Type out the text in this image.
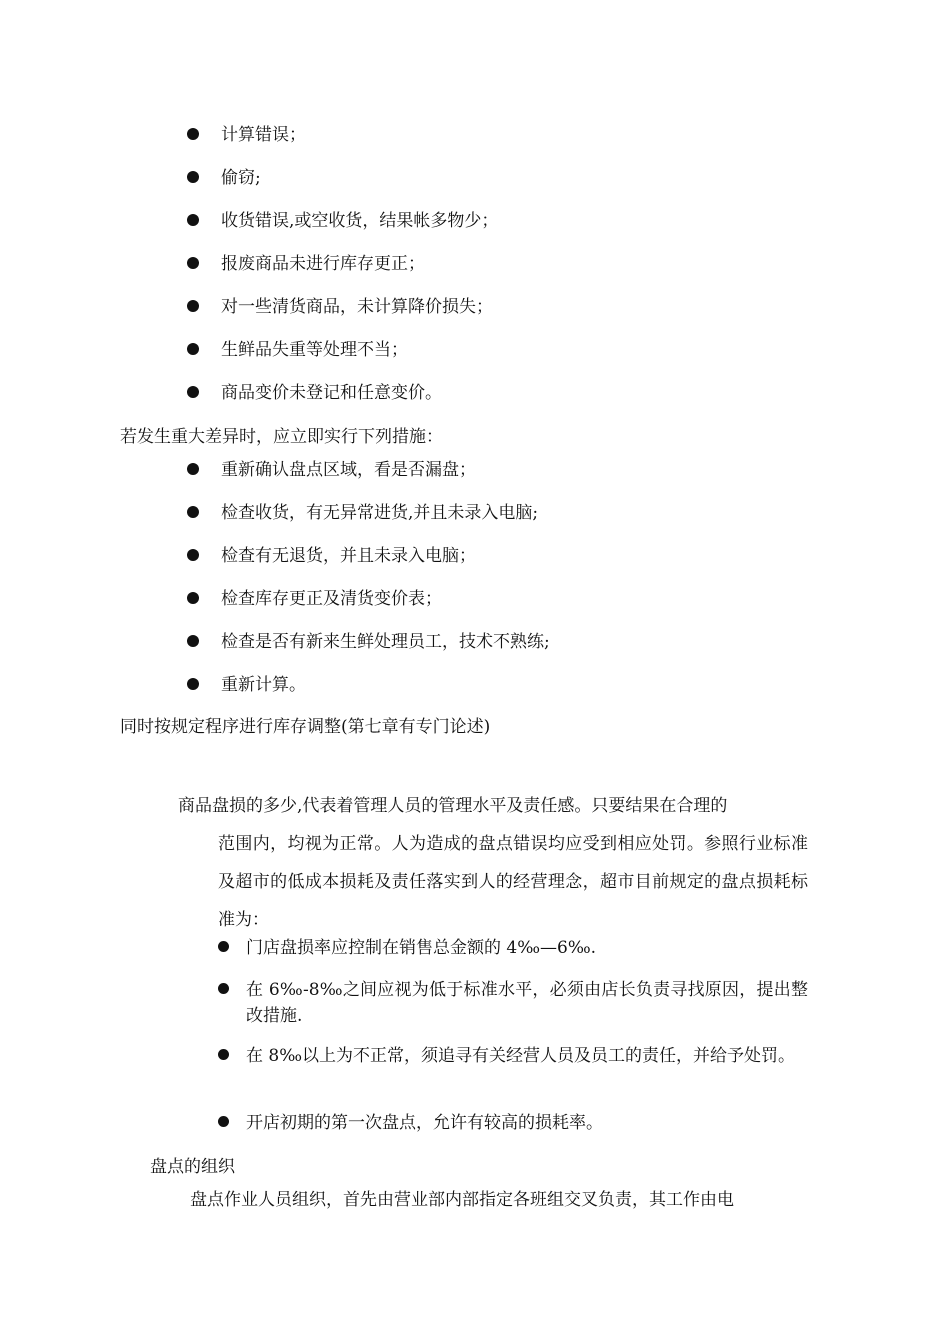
计算错误；
偷窃;
收货错误,或空收货，结果帐多物少；
报废商品未进行库存更正；
对一些清货商品，未计算降价损失；
生鲜品失重等处理不当；
商品变价未登记和任意变价。
若发生重大差异时，应立即实行下列措施：
重新确认盘点区域，看是否漏盘；
检查收货，有无异常进货,并且未录入电脑;
检查有无退货，并且未录入电脑；
检查库存更正及清货变价表；
检查是否有新来生鲜处理员工，技术不熟练;
重新计算。
同时按规定程序进行库存调整(第七章有专门论述)
商品盘损的多少,代表着管理人员的管理水平及责任感。只要结果在合理的
范围内，均视为正常。人为造成的盘点错误均应受到相应处罚。参照行业标准及超市的低成本损耗及责任落实到人的经营理念，超市目前规定的盘点损耗标准为：
门店盘损率应控制在销售总金额的 4‰—6‰.
在 6‰-8‰之间应视为低于标准水平，必须由店长负责寻找原因，提出整改措施.
在 8‰以上为不正常，须追寻有关经营人员及员工的责任，并给予处罚。
开店初期的第一次盘点，允许有较高的损耗率。
盘点的组织
盘点作业人员组织，首先由营业部内部指定各班组交叉负责，其工作由电
